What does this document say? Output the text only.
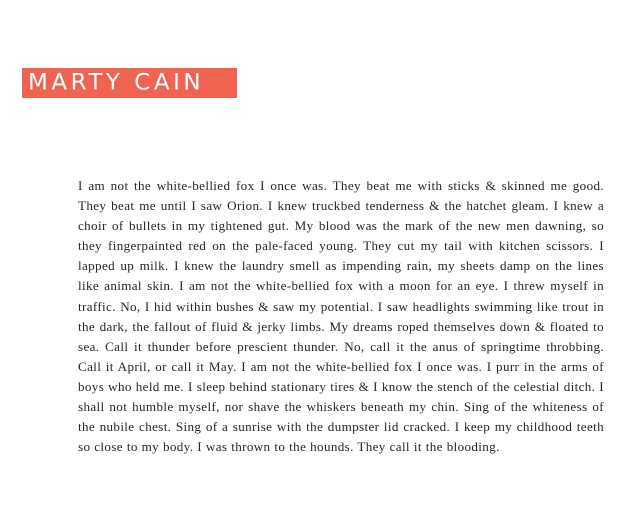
MARTY CAIN

I am not the white-bellied fox I once was. They beat me with sticks & skinned me good. They beat me until I saw Orion. I knew truckbed tenderness & the hatchet gleam. I knew a choir of bullets in my tightened gut. My blood was the mark of the new men dawning, so they fingerpainted red on the pale-faced young. They cut my tail with kitchen scissors. I lapped up milk. I knew the laundry smell as impending rain, my sheets damp on the lines like animal skin. I am not the white-bellied fox with a moon for an eye. I threw myself in traffic. No, I hid within bushes & saw my potential. I saw headlights swimming like trout in the dark, the fallout of fluid & jerky limbs. My dreams roped themselves down & floated to sea. Call it thunder before prescient thunder. No, call it the anus of springtime throbbing. Call it April, or call it May. I am not the white-bellied fox I once was. I purr in the arms of boys who held me. I sleep behind stationary tires & I know the stench of the celestial ditch. I shall not humble myself, nor shave the whiskers beneath my chin. Sing of the whiteness of the nubile chest. Sing of a sunrise with the dumpster lid cracked. I keep my childhood teeth so close to my body. I was thrown to the hounds. They call it the blooding.
